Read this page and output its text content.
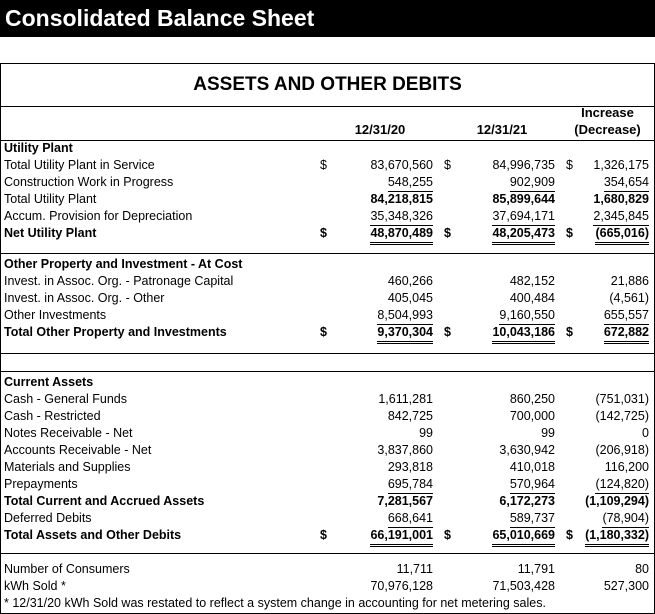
Consolidated Balance Sheet
ASSETS AND OTHER DEBITS
12/31/20	12/31/21
Increase
(Decrease)
Utility Plant
Total Utility Plant in Service	$	83,670,560 $	84,996,735 $	1,326,175
Construction Work in Progress	548,255	902,909	354,654
Total Utility Plant	84,218,815	85,899,644	1,680,829
Accum. Provision for Depreciation	35,348,326	37,694,171	2,345,845
Net Utility Plant	$	48,870,489 $	48,205,473 $	(665,016)
Other Property and Investment - At Cost
Invest. in Assoc. Org. - Patronage Capital	460,266	482,152	21,886
Invest. in Assoc. Org. - Other	405,045	400,484	(4,561)
Other Investments	8,504,993	9,160,550	655,557
Total Other Property and Investments	$	9,370,304 $	10,043,186 $	672,882
Current Assets
Cash - General Funds	1,611,281	860,250	(751,031)
Cash - Restricted	842,725	700,000	(142,725)
Notes Receivable - Net	99	99	0
Accounts Receivable - Net	3,837,860	3,630,942	(206,918)
Materials and Supplies	293,818	410,018	116,200
Prepayments	695,784	570,964	(124,820)
Total Current and Accrued Assets	7,281,567	6,172,273 (1,109,294)
Deferred Debits	668,641	589,737	(78,904)
Total Assets and Other Debits	$	66,191,001 $	65,010,669 $ (1,180,332)
Number of Consumers	11,711	11,791	80
kWh Sold *	70,976,128	71,503,428	527,300
* 12/31/20 kWh Sold was restated to reflect a system change in accounting for net metering sales.
